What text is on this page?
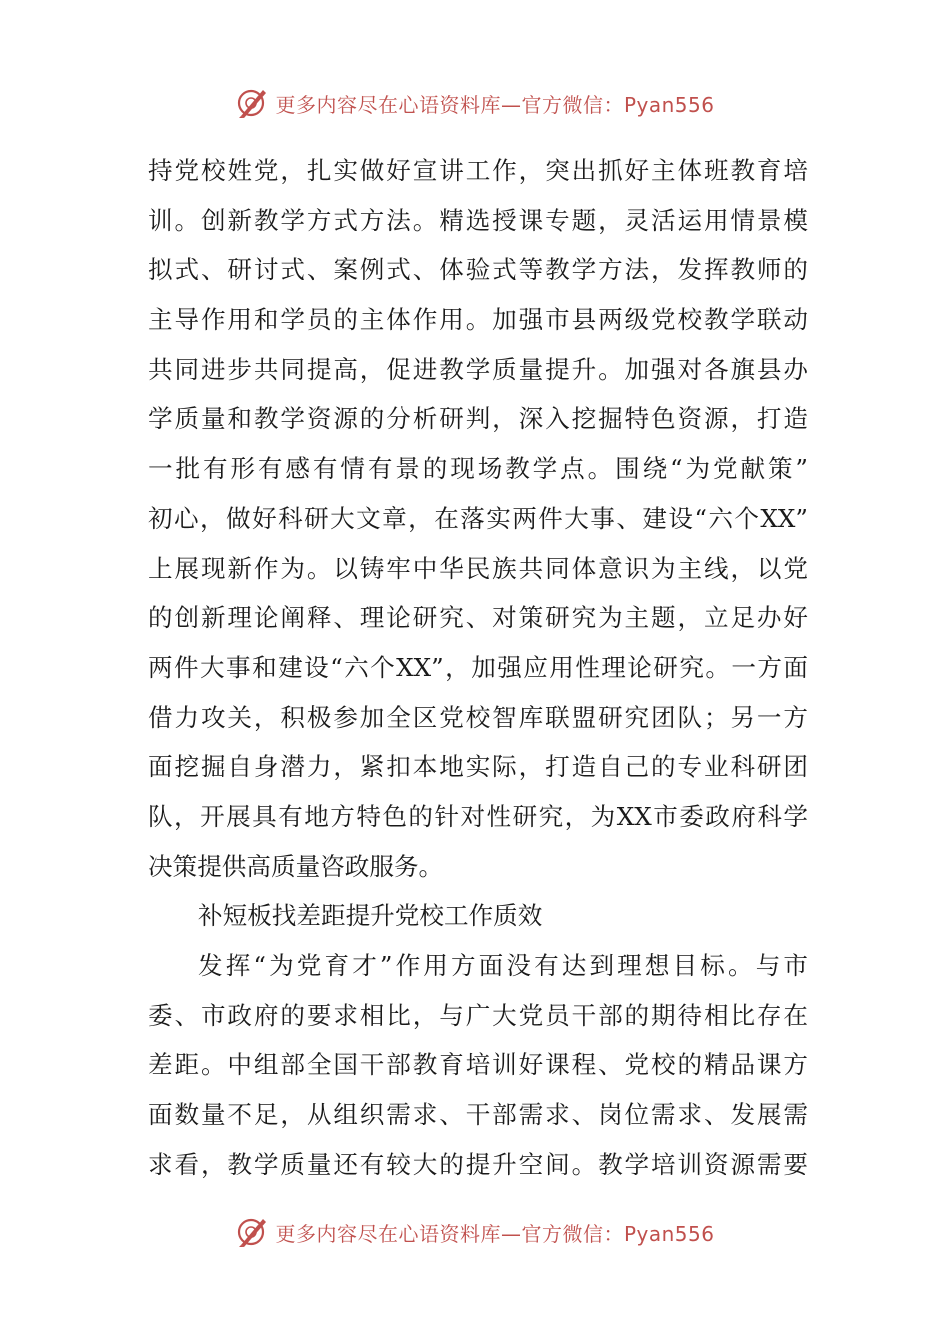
更多内容尽在心语资料库—官方微信：Pyan556
持党校姓党，扎实做好宣讲工作，突出抓好主体班教育培
训。创新教学方式方法。精选授课专题，灵活运用情景模
拟式、研讨式、案例式、体验式等教学方法，发挥教师的
主导作用和学员的主体作用。加强市县两级党校教学联动
共同进步共同提高，促进教学质量提升。加强对各旗县办
学质量和教学资源的分析研判，深入挖掘特色资源，打造
一批有形有感有情有景的现场教学点。围绕“为党献策”
初心，做好科研大文章，在落实两件大事、建设“六个XX”
上展现新作为。以铸牢中华民族共同体意识为主线，以党
的创新理论阐释、理论研究、对策研究为主题，立足办好
两件大事和建设“六个XX”，加强应用性理论研究。一方面
借力攻关，积极参加全区党校智库联盟研究团队；另一方
面挖掘自身潜力，紧扣本地实际，打造自己的专业科研团
队，开展具有地方特色的针对性研究，为XX市委政府科学
决策提供高质量咨政服务。
补短板找差距提升党校工作质效
发挥“为党育才”作用方面没有达到理想目标。与市
委、市政府的要求相比，与广大党员干部的期待相比存在
差距。中组部全国干部教育培训好课程、党校的精品课方
面数量不足，从组织需求、干部需求、岗位需求、发展需
求看，教学质量还有较大的提升空间。教学培训资源需要
更多内容尽在心语资料库—官方微信：Pyan556
